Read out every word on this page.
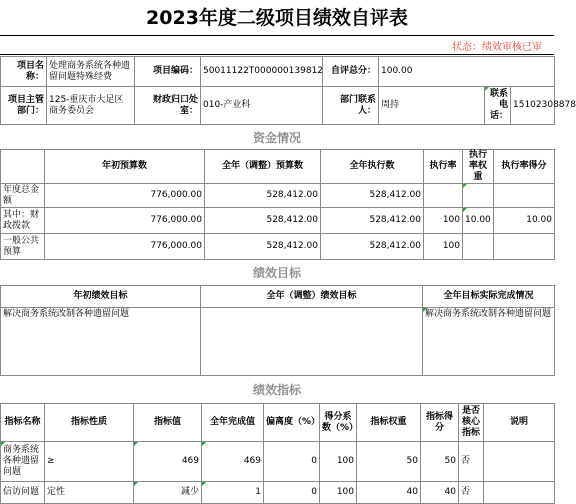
2023年度二级项目绩效自评表
状态：绩效审核已审
项目名称：	处理商务系统各种遗留问题特殊经费	项目编码：	50011122T000000139812	自评总分：	100.00		
项目主管部门：	125-重庆市大足区商务委员会	财政归口处室：	010-产业科	部门联系人：	周持	联系电话：	15102308878
资金情况
	年初预算数	全年（调整）预算数	全年执行数	执行率	执行率权重	执行率得分
年度总金额	776,000.00	528,412.00	528,412.00			
其中：财政拨款	776,000.00	528,412.00	528,412.00	100	10.00	10.00
一般公共预算	776,000.00	528,412.00	528,412.00	100		
绩效目标
年初绩效目标	全年（调整）绩效目标	全年目标实际完成情况
解决商务系统改制各种遗留问题		解决商务系统改制各种遗留问题
绩效指标
指标名称	指标性质	指标值	全年完成值	偏离度（%）	得分系数（%）	指标权重	指标得分	是否核心指标	说明
商务系统各种遗留问题	≥	469	469	0	100	50	50	否	
信访问题	定性	减少	1	0	100	40	40	否	
